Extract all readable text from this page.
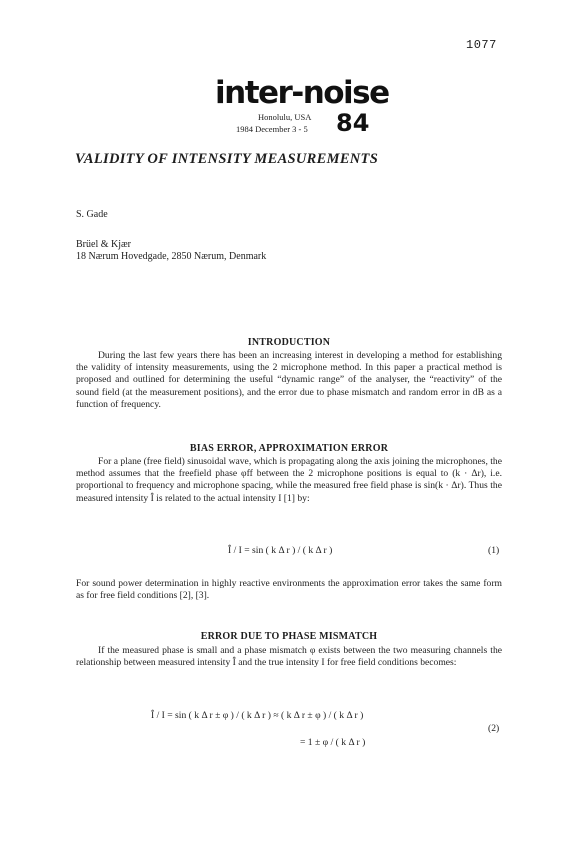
1077
inter-noise
Honolulu, USA
1984 December 3 - 5 84
VALIDITY OF INTENSITY MEASUREMENTS
S. Gade
Brüel & Kjær
18 Nærum Hovedgade, 2850 Nærum, Denmark
INTRODUCTION
During the last few years there has been an increasing interest in developing a method for establishing the validity of intensity measurements, using the 2 microphone method. In this paper a practical method is proposed and outlined for determining the useful “dynamic range” of the analyser, the “reactivity” of the sound field (at the measurement positions), and the error due to phase mismatch and random error in dB as a function of frequency.
BIAS ERROR, APPROXIMATION ERROR
For a plane (free field) sinusoidal wave, which is propagating along the axis joining the microphones, the method assumes that the freefield phase φff between the 2 microphone positions is equal to (k · Δr), i.e. proportional to frequency and microphone spacing, while the measured free field phase is sin(k · Δr). Thus the measured intensity Î is related to the actual intensity I [1] by:
Î / I = sin ( k Δ r ) / ( k Δ r )	(1)
For sound power determination in highly reactive environments the approximation error takes the same form as for free field conditions [2], [3].
ERROR DUE TO PHASE MISMATCH
If the measured phase is small and a phase mismatch φ exists between the two measuring channels the relationship between measured intensity Î and the true intensity I for free field conditions becomes:
Î / I = sin ( k Δ r ± φ ) / ( k Δ r ) ≈ ( k Δ r ± φ ) / ( k Δ r )
= 1 ± φ / ( k Δ r )
(2)
